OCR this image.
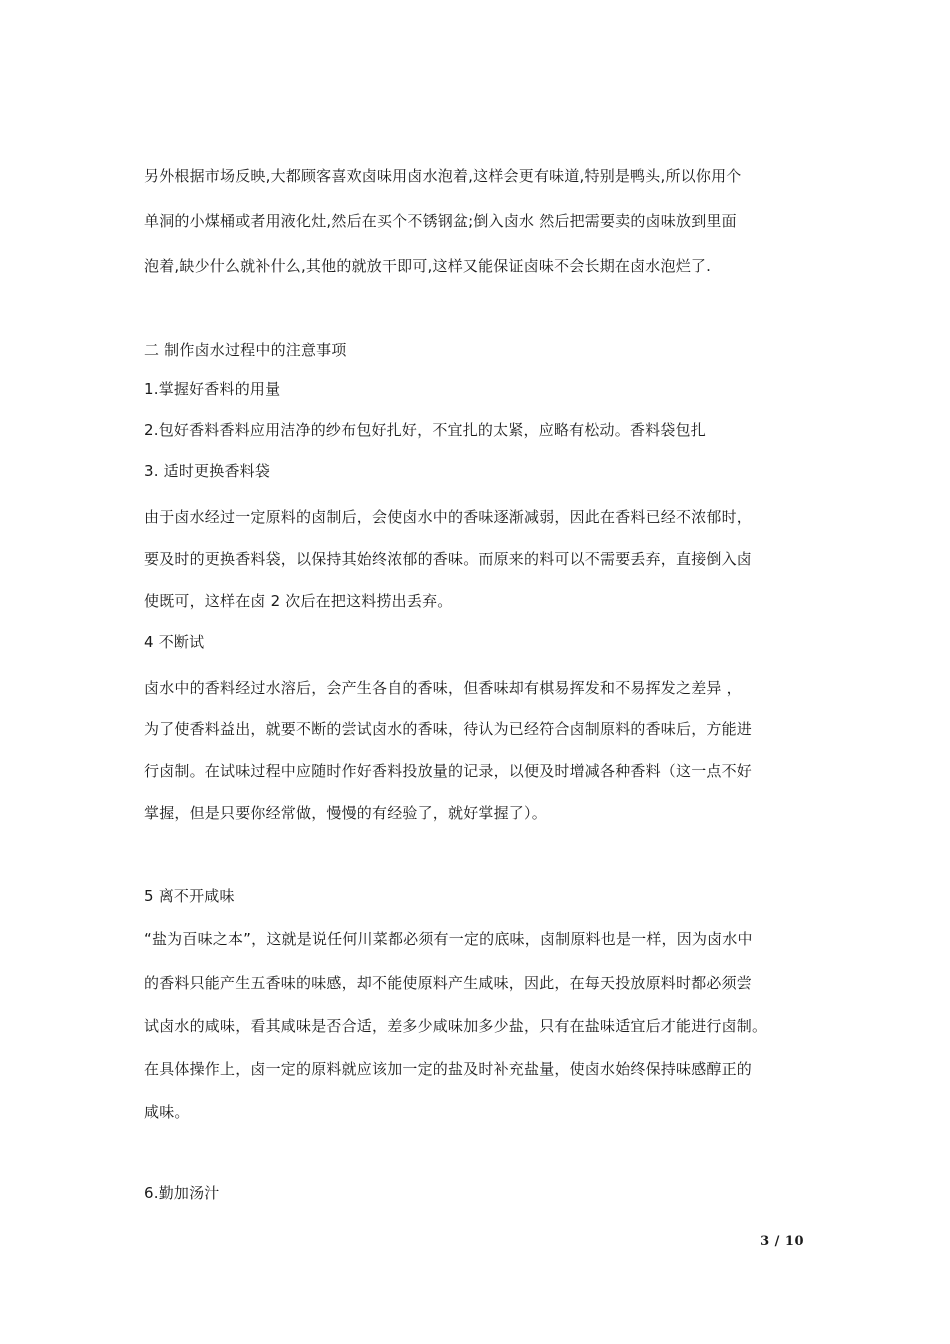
另外根据市场反映,大都顾客喜欢卤味用卤水泡着,这样会更有味道,特别是鸭头,所以你用个
单洞的小煤桶或者用液化灶,然后在买个不锈钢盆;倒入卤水 然后把需要卖的卤味放到里面
泡着,缺少什么就补什么,其他的就放干即可,这样又能保证卤味不会长期在卤水泡烂了.
二 制作卤水过程中的注意事项
1.掌握好香料的用量
2.包好香料香料应用洁净的纱布包好扎好，不宜扎的太紧，应略有松动。香料袋包扎
3. 适时更换香料袋
由于卤水经过一定原料的卤制后，会使卤水中的香味逐渐减弱，因此在香料已经不浓郁时，
要及时的更换香料袋，以保持其始终浓郁的香味。而原来的料可以不需要丢弃，直接倒入卤
使既可，这样在卤 2 次后在把这料捞出丢弃。
4 不断试
卤水中的香料经过水溶后，会产生各自的香味，但香味却有棋易挥发和不易挥发之差异 ，
为了使香料益出，就要不断的尝试卤水的香味，待认为已经符合卤制原料的香味后，方能进
行卤制。在试味过程中应随时作好香料投放量的记录，以便及时增减各种香料（这一点不好
掌握，但是只要你经常做，慢慢的有经验了，就好掌握了）。
5 离不开咸味
“盐为百味之本”，这就是说任何川菜都必须有一定的底味，卤制原料也是一样，因为卤水中
的香料只能产生五香味的味感，却不能使原料产生咸味，因此，在每天投放原料时都必须尝
试卤水的咸味，看其咸味是否合适，差多少咸味加多少盐，只有在盐味适宜后才能进行卤制。
在具体操作上，卤一定的原料就应该加一定的盐及时补充盐量，使卤水始终保持味感醇正的
咸味。
6.勤加汤汁
3 / 10
